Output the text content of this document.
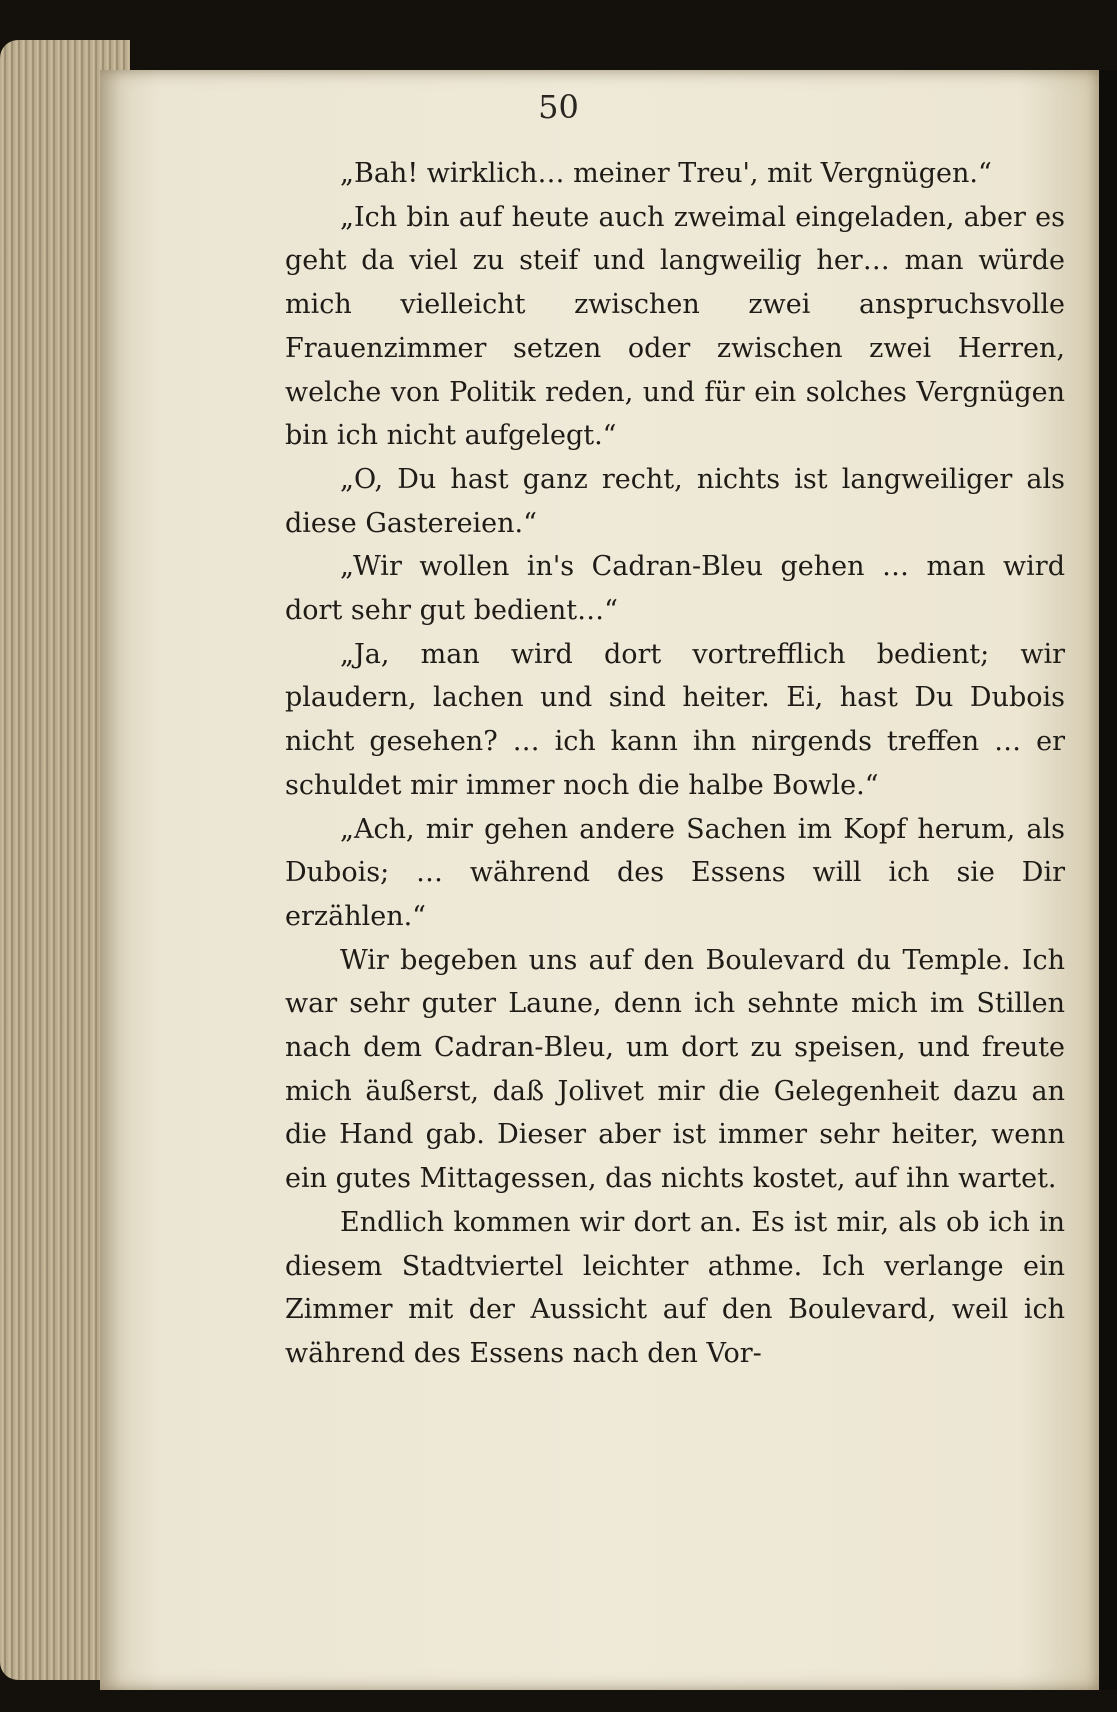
50

„Bah! wirklich… meiner Treu', mit Vergnügen.“

„Ich bin auf heute auch zweimal eingeladen, aber es geht da viel zu steif und langweilig her… man würde mich vielleicht zwischen zwei anspruchsvolle Frauenzimmer setzen oder zwischen zwei Herren, welche von Politik reden, und für ein solches Vergnügen bin ich nicht aufgelegt.“

„O, Du hast ganz recht, nichts ist langweiliger als diese Gastereien.“

„Wir wollen in's Cadran-Bleu gehen … man wird dort sehr gut bedient…“

„Ja, man wird dort vortrefflich bedient; wir plaudern, lachen und sind heiter. Ei, hast Du Dubois nicht gesehen? … ich kann ihn nirgends treffen … er schuldet mir immer noch die halbe Bowle.“

„Ach, mir gehen andere Sachen im Kopf herum, als Dubois; … während des Essens will ich sie Dir erzählen.“

Wir begeben uns auf den Boulevard du Temple. Ich war sehr guter Laune, denn ich sehnte mich im Stillen nach dem Cadran-Bleu, um dort zu speisen, und freute mich äußerst, daß Jolivet mir die Gelegenheit dazu an die Hand gab. Dieser aber ist immer sehr heiter, wenn ein gutes Mittagessen, das nichts kostet, auf ihn wartet.

Endlich kommen wir dort an. Es ist mir, als ob ich in diesem Stadtviertel leichter athme. Ich verlange ein Zimmer mit der Aussicht auf den Boulevard, weil ich während des Essens nach den Vor-
